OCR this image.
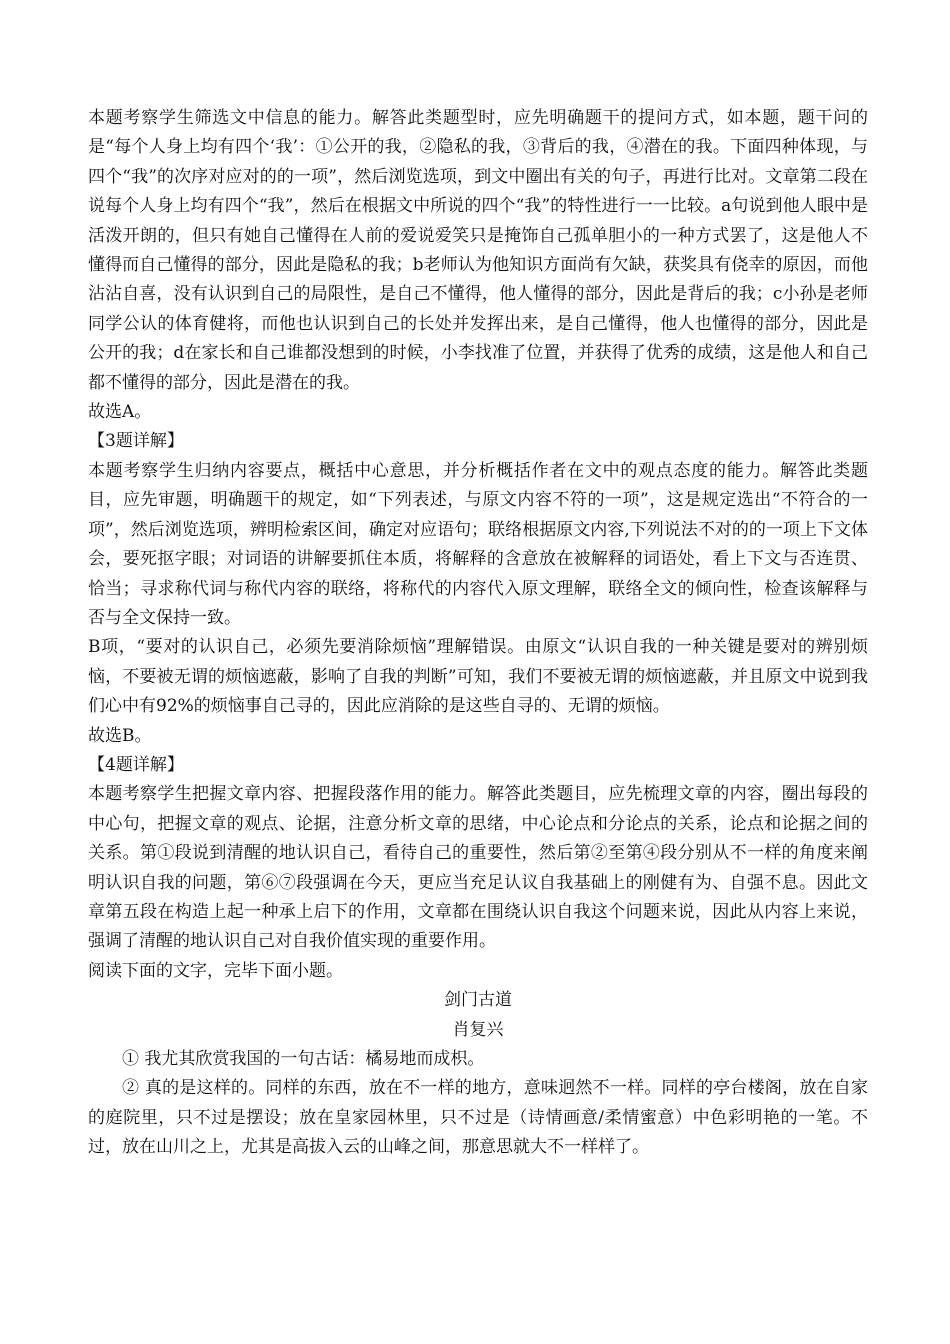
本题考察学生筛选文中信息的能力。解答此类题型时，应先明确题干的提问方式，如本题，题干问的是“每个人身上均有四个‘我’：①公开的我，②隐私的我，③背后的我，④潜在的我。下面四种体现，与四个“我”的次序对应对的的一项”，然后浏览选项，到文中圈出有关的句子，再进行比对。文章第二段在说每个人身上均有四个“我”，然后在根据文中所说的四个“我”的特性进行一一比较。a句说到他人眼中是活泼开朗的，但只有她自己懂得在人前的爱说爱笑只是掩饰自己孤单胆小的一种方式罢了，这是他人不懂得而自己懂得的部分，因此是隐私的我；b老师认为他知识方面尚有欠缺，获奖具有侥幸的原因，而他沾沾自喜，没有认识到自己的局限性，是自己不懂得，他人懂得的部分，因此是背后的我；c小孙是老师同学公认的体育健将，而他也认识到自己的长处并发挥出来，是自己懂得，他人也懂得的部分，因此是公开的我；d在家长和自己谁都没想到的时候，小李找准了位置，并获得了优秀的成绩，这是他人和自己都不懂得的部分，因此是潜在的我。

故选A。

【3题详解】

本题考察学生归纳内容要点，概括中心意思，并分析概括作者在文中的观点态度的能力。解答此类题目，应先审题，明确题干的规定，如“下列表述，与原文内容不符的一项”，这是规定选出“不符合的一项”，然后浏览选项，辨明检索区间，确定对应语句；联络根据原文内容,下列说法不对的的一项上下文体会，要死抠字眼；对词语的讲解要抓住本质，将解释的含意放在被解释的词语处，看上下文与否连贯、恰当；寻求称代词与称代内容的联络，将称代的内容代入原文理解，联络全文的倾向性，检查该解释与否与全文保持一致。

B项，“要对的认识自己，必须先要消除烦恼”理解错误。由原文“认识自我的一种关键是要对的辨别烦恼，不要被无谓的烦恼遮蔽，影响了自我的判断”可知，我们不要被无谓的烦恼遮蔽，并且原文中说到我们心中有92%的烦恼事自己寻的，因此应消除的是这些自寻的、无谓的烦恼。

故选B。

【4题详解】

本题考察学生把握文章内容、把握段落作用的能力。解答此类题目，应先梳理文章的内容，圈出每段的中心句，把握文章的观点、论据，注意分析文章的思绪，中心论点和分论点的关系，论点和论据之间的关系。第①段说到清醒的地认识自己，看待自己的重要性，然后第②至第④段分别从不一样的角度来阐明认识自我的问题，第⑥⑦段强调在今天，更应当充足认议自我基础上的刚健有为、自强不息。因此文章第五段在构造上起一种承上启下的作用，文章都在围绕认识自我这个问题来说，因此从内容上来说，强调了清醒的地认识自己对自我价值实现的重要作用。

阅读下面的文字，完毕下面小题。

剑门古道

肖复兴

① 我尤其欣赏我国的一句古话：橘易地而成枳。

② 真的是这样的。同样的东西，放在不一样的地方，意味迥然不一样。同样的亭台楼阁，放在自家的庭院里，只不过是摆设；放在皇家园林里，只不过是（诗情画意/柔情蜜意）中色彩明艳的一笔。不过，放在山川之上，尤其是高拔入云的山峰之间，那意思就大不一样样了。
